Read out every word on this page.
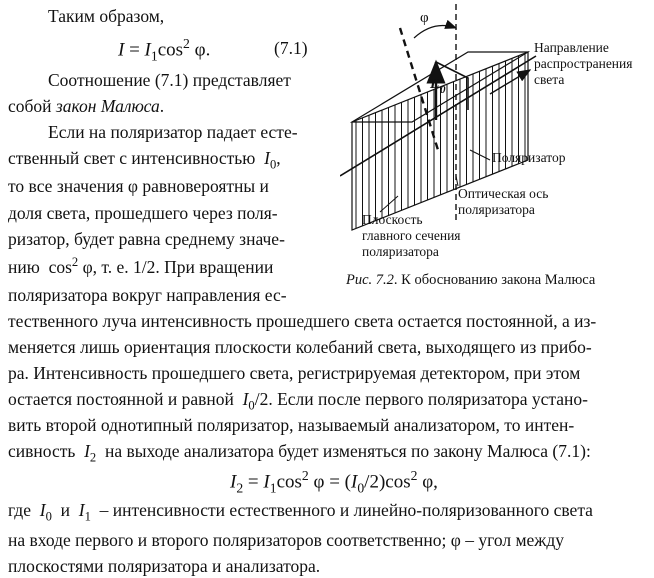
Таким образом,
$I = I_1\cos^2$ φ.	(7.1)
Соотношение (7.1) представляет
собой закон Малюса.
Если на поляризатор падает есте-
ственный свет с интенсивностью $I_0$,
то все значения φ равновероятны и
доля света, прошедшего через поля-
ризатор, будет равна среднему значе-
нию $\cos^2 \varphi$, т. е. 1/2. При вращении
поляризатора вокруг направления ес-
φ
$E_0$
Направление
распространения
света
Поляризатор
Оптическая ось
поляризатора
Плоскость
главного сечения
поляризатора
Рис. 7.2. К обоснованию закона Малюса
тественного луча интенсивность прошедшего света остается постоянной, а из-
меняется лишь ориентация плоскости колебаний света, выходящего из прибо-
ра. Интенсивность прошедшего света, регистрируемая детектором, при этом
остается постоянной и равной $I_0/2$. Если после первого поляризатора устано-
вить второй однотипный поляризатор, называемый анализатором, то интен-
сивность $I_2$ на выходе анализатора будет изменяться по закону Малюса (7.1):
$I_2 = I_1\cos^2$ $\varphi = (I_0/2)\cos^2$ φ,
где $I_0$ и $I_1$ – интенсивности естественного и линейно-поляризованного света
на входе первого и второго поляризаторов соответственно; φ – угол между
плоскостями поляризатора и анализатора.
